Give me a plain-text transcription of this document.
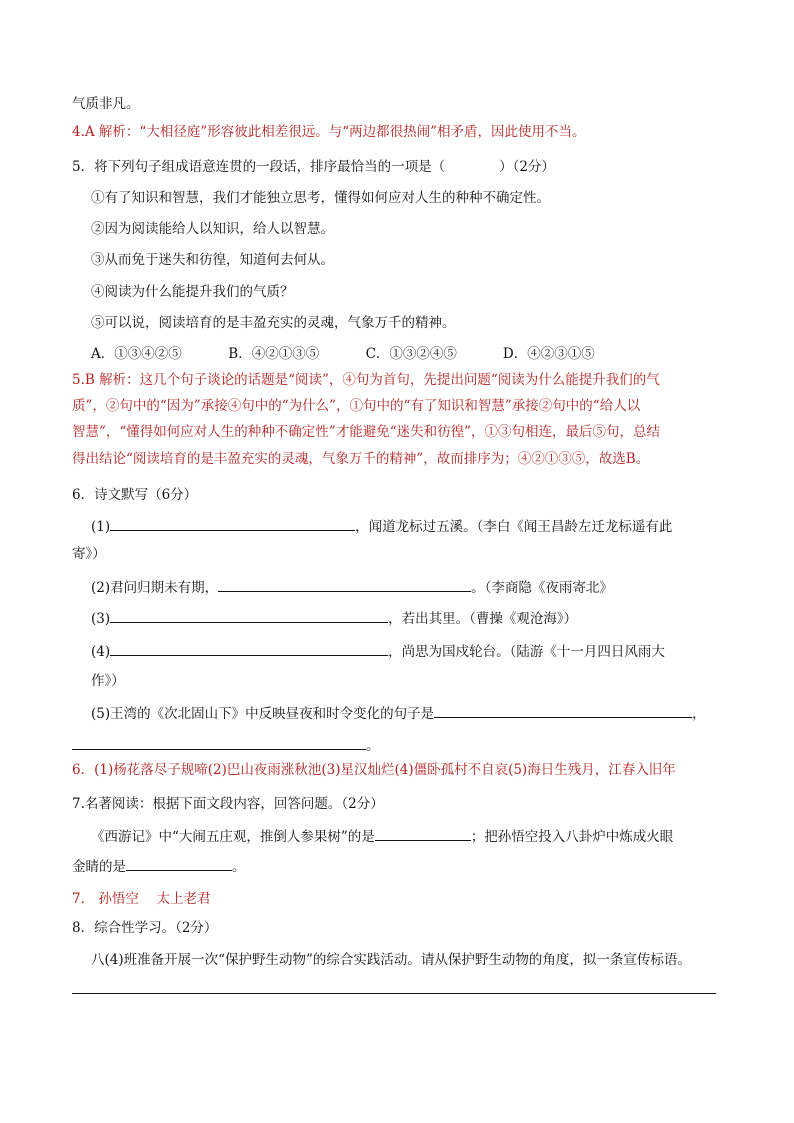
气质非凡。
4.A 解析：“大相径庭”形容彼此相差很远。与“两边都很热闹”相矛盾，因此使用不当。
5．将下列句子组成语意连贯的一段话，排序最恰当的一项是（　　　　）（2分）
①有了知识和智慧，我们才能独立思考，懂得如何应对人生的种种不确定性。
②因为阅读能给人以知识，给人以智慧。
③从而免于迷失和彷徨，知道何去何从。
④阅读为什么能提升我们的气质？
⑤可以说，阅读培育的是丰盈充实的灵魂，气象万千的精神。
A．①③④②⑤	B．④②①③⑤	C．①③②④⑤	D．④②③①⑤
5.B 解析：这几个句子谈论的话题是“阅读”，④句为首句，先提出问题“阅读为什么能提升我们的气
质”，②句中的“因为”承接④句中的“为什么”，①句中的“有了知识和智慧”承接②句中的“给人以
智慧”，“懂得如何应对人生的种种不确定性”才能避免“迷失和彷徨”，①③句相连，最后⑤句，总结
得出结论“阅读培育的是丰盈充实的灵魂，气象万千的精神”，故而排序为；④②①③⑤，故选B。
6．诗文默写（6分）
(1)	，闻道龙标过五溪。（李白《闻王昌龄左迁龙标遥有此
寄》）
(2)君问归期未有期，	。（李商隐《夜雨寄北》
(3)	，若出其里。（曹操《观沧海》）
(4)	，尚思为国戍轮台。（陆游《十一月四日风雨大
作》）
(5)王湾的《次北固山下》中反映昼夜和时令变化的句子是	，
。
6．(1)杨花落尽子规啼(2)巴山夜雨涨秋池(3)星汉灿烂(4)僵卧孤村不自哀(5)海日生残月，江春入旧年
7.名著阅读：根据下面文段内容，回答问题。（2分）
《西游记》中“大闹五庄观，推倒人参果树”的是	；把孙悟空投入八卦炉中炼成火眼
金睛的是	。
7.　孙悟空　 太上老君
8．综合性学习。（2分）
八(4)班准备开展一次“保护野生动物”的综合实践活动。请从保护野生动物的角度，拟一条宣传标语。
